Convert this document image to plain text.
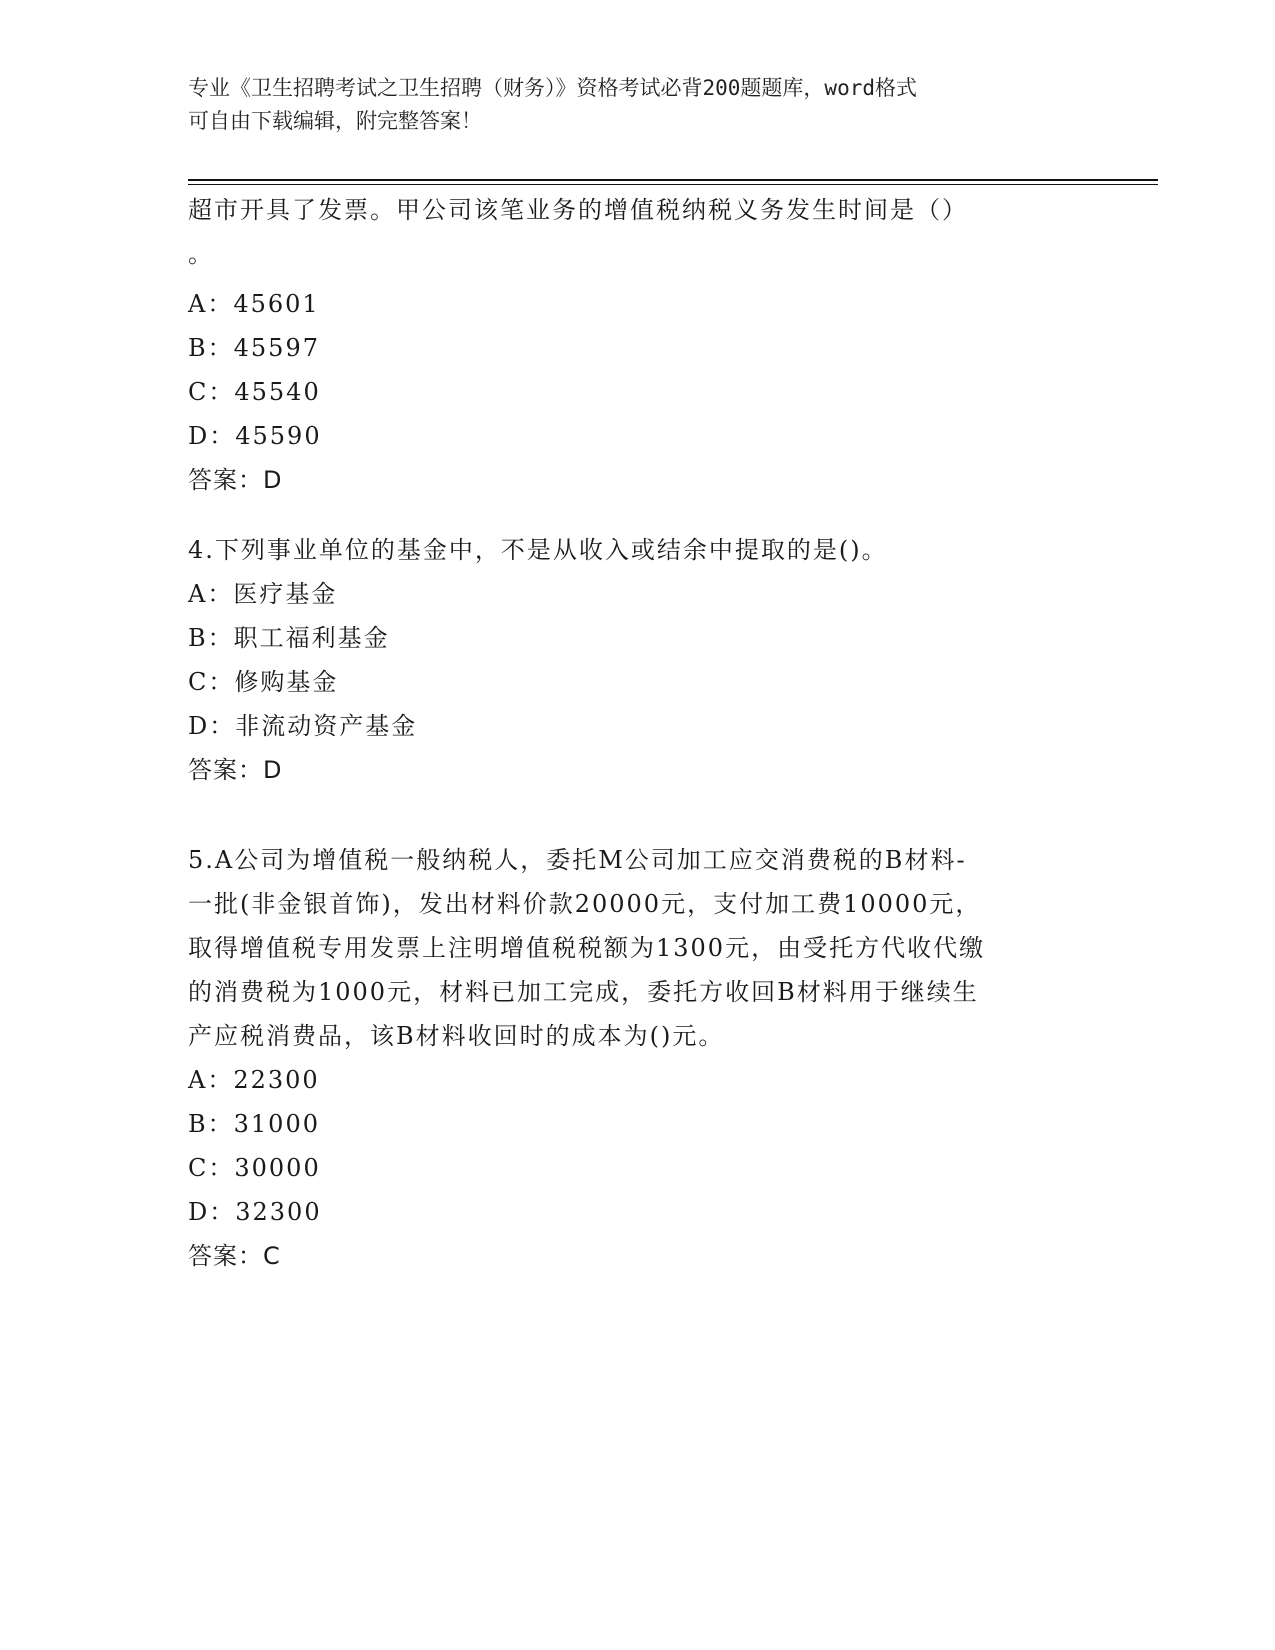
专业《卫生招聘考试之卫生招聘（财务）》资格考试必背200题题库，word格式
可自由下载编辑，附完整答案！
超市开具了发票。甲公司该笔业务的增值税纳税义务发生时间是（）
。
A：45601
B：45597
C：45540
D：45590
答案：D
4.下列事业单位的基金中，不是从收入或结余中提取的是()。
A：医疗基金
B：职工福利基金
C：修购基金
D：非流动资产基金
答案：D
5.A公司为增值税一般纳税人，委托M公司加工应交消费税的B材料-
一批(非金银首饰)，发出材料价款20000元，支付加工费10000元，
取得增值税专用发票上注明增值税税额为1300元，由受托方代收代缴
的消费税为1000元，材料已加工完成，委托方收回B材料用于继续生
产应税消费品，该B材料收回时的成本为()元。
A：22300
B：31000
C：30000
D：32300
答案：C
